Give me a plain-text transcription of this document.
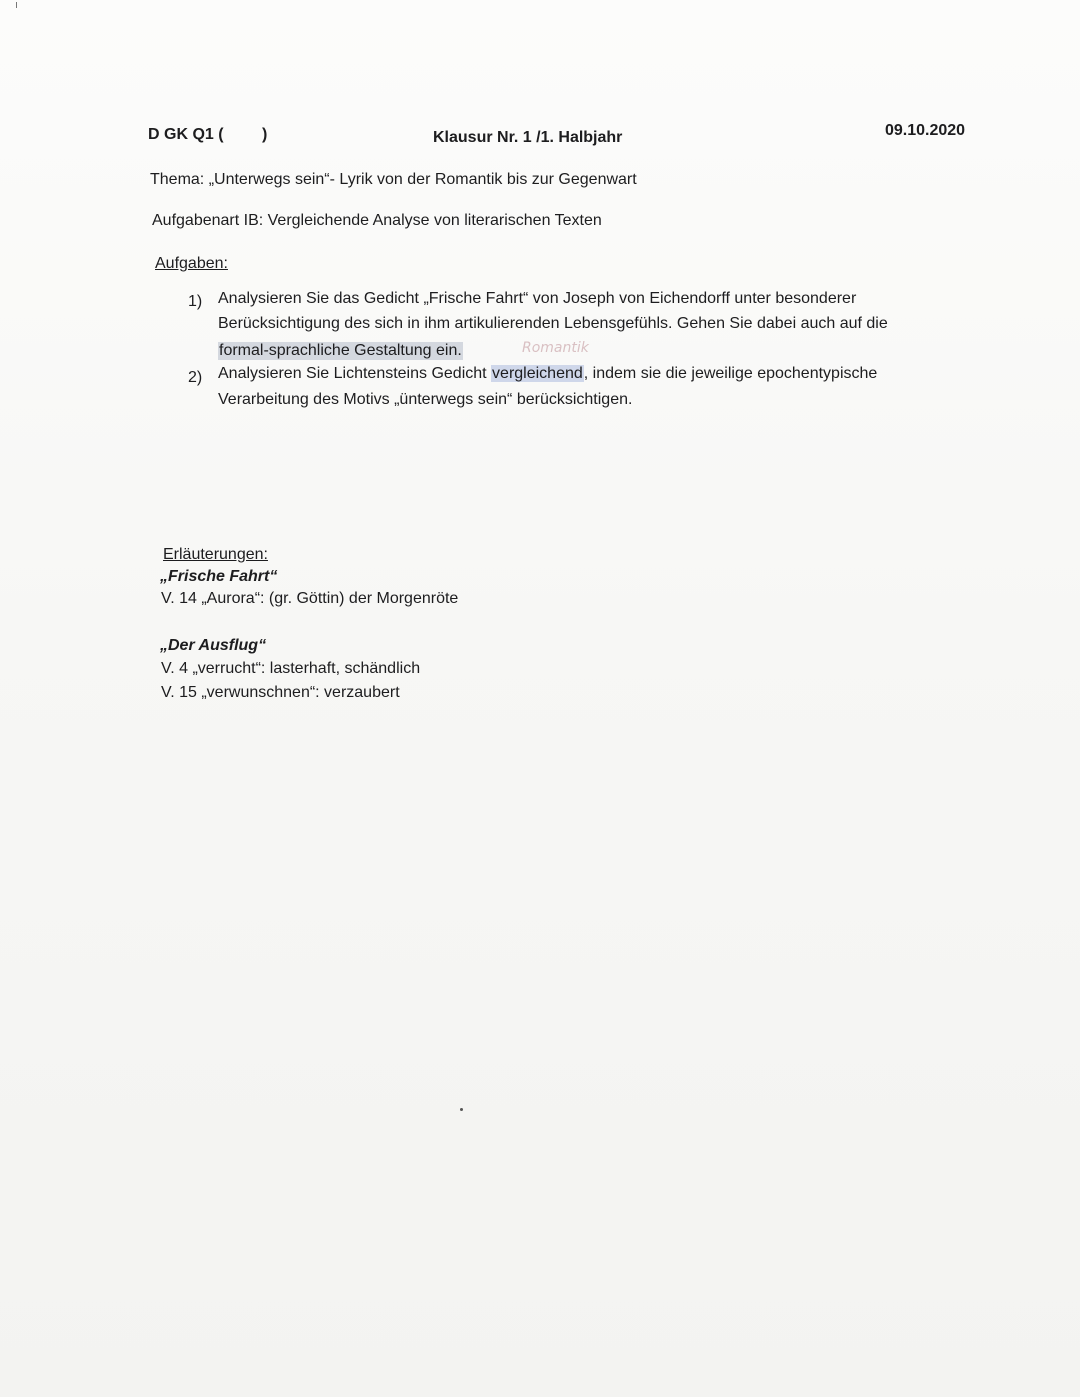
D GK Q1 ( )	Klausur Nr. 1 /1. Halbjahr	09.10.2020
Thema: „Unterwegs sein“- Lyrik von der Romantik bis zur Gegenwart
Aufgabenart IB: Vergleichende Analyse von literarischen Texten
Aufgaben:
1) Analysieren Sie das Gedicht „Frische Fahrt“ von Joseph von Eichendorff unter besonderer
Berücksichtigung des sich in ihm artikulierenden Lebensgefühls. Gehen Sie dabei auch auf die
formal-sprachliche Gestaltung ein.	Romantik
2) Analysieren Sie Lichtensteins Gedicht vergleichend, indem sie die jeweilige epochentypische
Verarbeitung des Motivs „ünterwegs sein“ berücksichtigen.
Erläuterungen:
„Frische Fahrt“
V. 14 „Aurora“: (gr. Göttin) der Morgenröte
„Der Ausflug“
V. 4 „verrucht“: lasterhaft, schändlich
V. 15 „verwunschnen“: verzaubert
